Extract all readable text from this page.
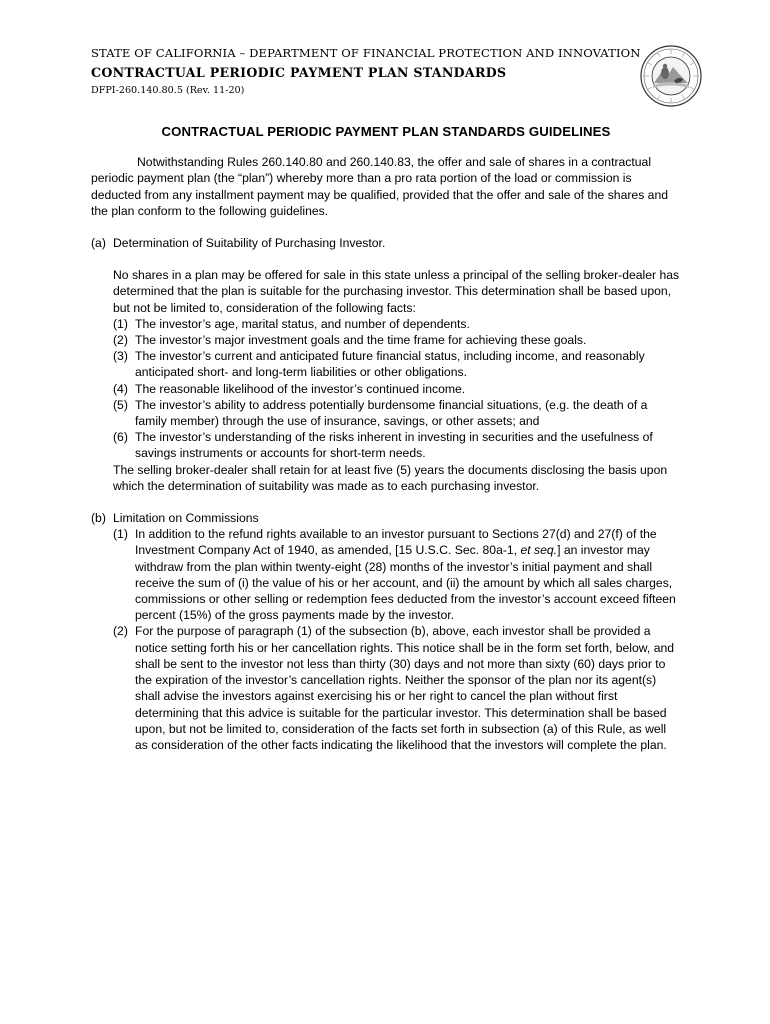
STATE OF CALIFORNIA – DEPARTMENT OF FINANCIAL PROTECTION AND INNOVATION
CONTRACTUAL PERIODIC PAYMENT PLAN STANDARDS
DFPI-260.140.80.5 (Rev. 11-20)
CONTRACTUAL PERIODIC PAYMENT PLAN STANDARDS GUIDELINES

Notwithstanding Rules 260.140.80 and 260.140.83, the offer and sale of shares in a contractual periodic payment plan (the “plan”) whereby more than a pro rata portion of the load or commission is deducted from any installment payment may be qualified, provided that the offer and sale of the shares and the plan conform to the following guidelines.

(a) Determination of Suitability of Purchasing Investor.

No shares in a plan may be offered for sale in this state unless a principal of the selling broker-dealer has determined that the plan is suitable for the purchasing investor. This determination shall be based upon, but not be limited to, consideration of the following facts:

(1) The investor’s age, marital status, and number of dependents.
(2) The investor’s major investment goals and the time frame for achieving these goals.
(3) The investor’s current and anticipated future financial status, including income, and reasonably anticipated short- and long-term liabilities or other obligations.
(4) The reasonable likelihood of the investor’s continued income.
(5) The investor’s ability to address potentially burdensome financial situations, (e.g. the death of a family member) through the use of insurance, savings, or other assets; and
(6) The investor’s understanding of the risks inherent in investing in securities and the usefulness of savings instruments or accounts for short-term needs.

The selling broker-dealer shall retain for at least five (5) years the documents disclosing the basis upon which the determination of suitability was made as to each purchasing investor.

(b) Limitation on Commissions
(1) In addition to the refund rights available to an investor pursuant to Sections 27(d) and 27(f) of the Investment Company Act of 1940, as amended, [15 U.S.C. Sec. 80a-1, et seq.] an investor may withdraw from the plan within twenty-eight (28) months of the investor’s initial payment and shall receive the sum of (i) the value of his or her account, and (ii) the amount by which all sales charges, commissions or other selling or redemption fees deducted from the investor’s account exceed fifteen percent (15%) of the gross payments made by the investor.
(2) For the purpose of paragraph (1) of the subsection (b), above, each investor shall be provided a notice setting forth his or her cancellation rights. This notice shall be in the form set forth, below, and shall be sent to the investor not less than thirty (30) days and not more than sixty (60) days prior to the expiration of the investor’s cancellation rights. Neither the sponsor of the plan nor its agent(s) shall advise the investors against exercising his or her right to cancel the plan without first determining that this advice is suitable for the particular investor. This determination shall be based upon, but not be limited to, consideration of the facts set forth in subsection (a) of this Rule, as well as consideration of the other facts indicating the likelihood that the investors will complete the plan.
